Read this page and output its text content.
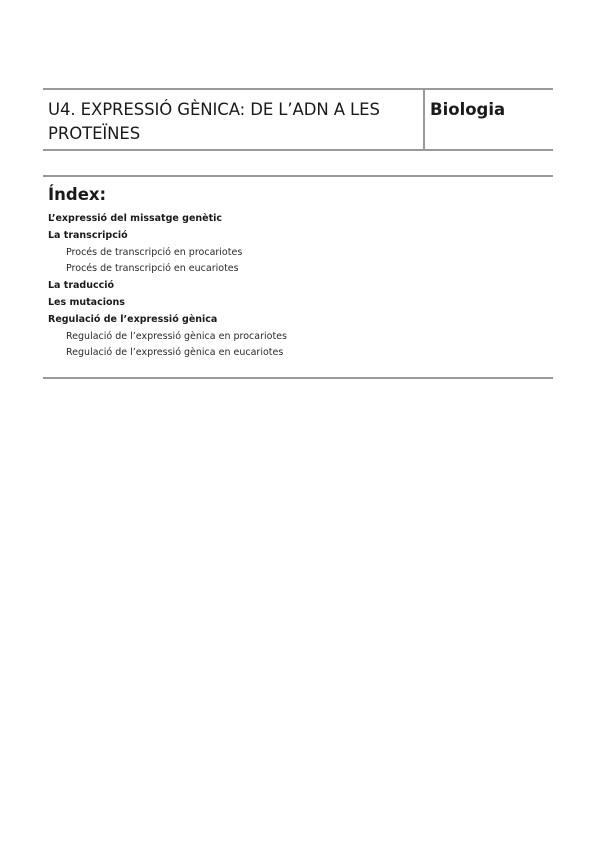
U4. EXPRESSIÓ GÈNICA: DE L’ADN A LES
PROTEÏNES

Biologia

Índex:
L’expressió del missatge genètic
La transcripció
Procés de transcripció en procariotes
Procés de transcripció en eucariotes
La traducció
Les mutacions
Regulació de l’expressió gènica
Regulació de l’expressió gènica en procariotes
Regulació de l’expressió gènica en eucariotes
